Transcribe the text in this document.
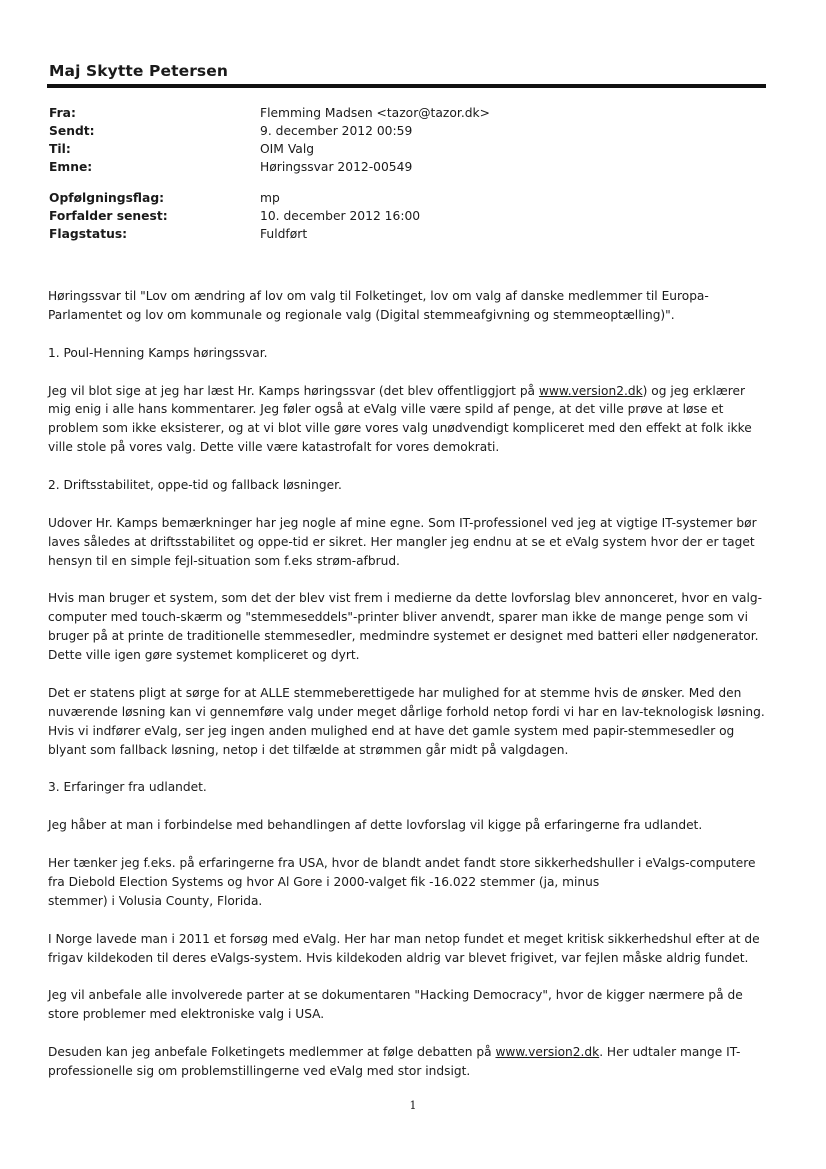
Maj Skytte Petersen
Fra:	Flemming Madsen <tazor@tazor.dk>
Sendt:	9. december 2012 00:59
Til:	OIM Valg
Emne:	Høringssvar 2012-00549
Opfølgningsflag:	mp
Forfalder senest:	10. december 2012 16:00
Flagstatus:	Fuldført

Høringssvar til "Lov om ændring af lov om valg til Folketinget, lov om valg af danske medlemmer til Europa-Parlamentet og lov om kommunale og regionale valg (Digital stemmeafgivning og stemmeoptælling)".

1. Poul-Henning Kamps høringssvar.

Jeg vil blot sige at jeg har læst Hr. Kamps høringssvar (det blev offentliggjort på www.version2.dk) og jeg erklærer mig enig i alle hans kommentarer. Jeg føler også at eValg ville være spild af penge, at det ville prøve at løse et problem som ikke eksisterer, og at vi blot ville gøre vores valg unødvendigt kompliceret med den effekt at folk ikke ville stole på vores valg. Dette ville være katastrofalt for vores demokrati.

2. Driftsstabilitet, oppe-tid og fallback løsninger.

Udover Hr. Kamps bemærkninger har jeg nogle af mine egne. Som IT-professionel ved jeg at vigtige IT-systemer bør laves således at driftsstabilitet og oppe-tid er sikret. Her mangler jeg endnu at se et eValg system hvor der er taget hensyn til en simple fejl-situation som f.eks strøm-afbrud.

Hvis man bruger et system, som det der blev vist frem i medierne da dette lovforslag blev annonceret, hvor en valg-computer med touch-skærm og "stemmeseddels"-printer bliver anvendt, sparer man ikke de mange penge som vi bruger på at printe de traditionelle stemmesedler, medmindre systemet er designet med batteri eller nødgenerator. Dette ville igen gøre systemet kompliceret og dyrt.

Det er statens pligt at sørge for at ALLE stemmeberettigede har mulighed for at stemme hvis de ønsker. Med den nuværende løsning kan vi gennemføre valg under meget dårlige forhold netop fordi vi har en lav-teknologisk løsning. Hvis vi indfører eValg, ser jeg ingen anden mulighed end at have det gamle system med papir-stemmesedler og blyant som fallback løsning, netop i det tilfælde at strømmen går midt på valgdagen.

3. Erfaringer fra udlandet.

Jeg håber at man i forbindelse med behandlingen af dette lovforslag vil kigge på erfaringerne fra udlandet.

Her tænker jeg f.eks. på erfaringerne fra USA, hvor de blandt andet fandt store sikkerhedshuller i eValgs-computere fra Diebold Election Systems og hvor Al Gore i 2000-valget fik -16.022 stemmer (ja, minus
stemmer) i Volusia County, Florida.

I Norge lavede man i 2011 et forsøg med eValg. Her har man netop fundet et meget kritisk sikkerhedshul efter at de frigav kildekoden til deres eValgs-system. Hvis kildekoden aldrig var blevet frigivet, var fejlen måske aldrig fundet.

Jeg vil anbefale alle involverede parter at se dokumentaren "Hacking Democracy", hvor de kigger nærmere på de store problemer med elektroniske valg i USA.

Desuden kan jeg anbefale Folketingets medlemmer at følge debatten på www.version2.dk. Her udtaler mange IT-professionelle sig om problemstillingerne ved eValg med stor indsigt.

1
